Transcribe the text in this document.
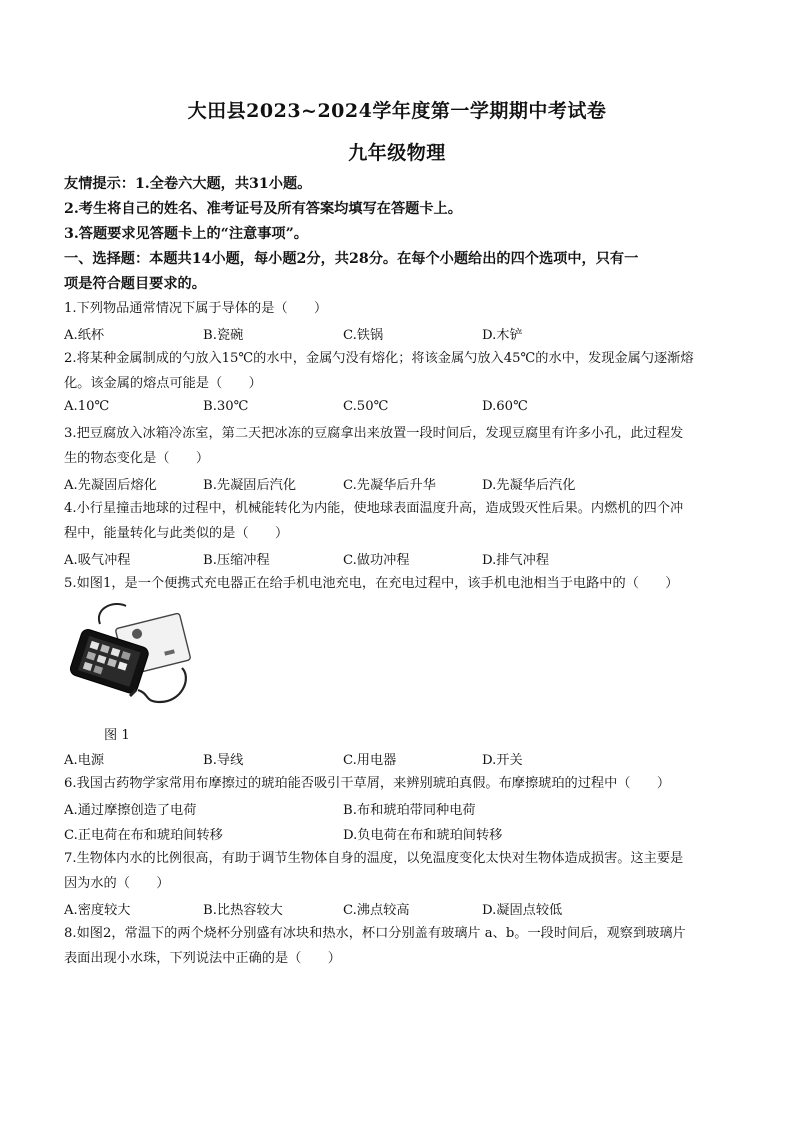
大田县2023~2024学年度第一学期期中考试卷
九年级物理
友情提示：1.全卷六大题，共31小题。
2.考生将自己的姓名、准考证号及所有答案均填写在答题卡上。
3.答题要求见答题卡上的“注意事项”。
一、选择题：本题共14小题，每小题2分，共28分。在每个小题给出的四个选项中，只有一
项是符合题目要求的。
1.下列物品通常情况下属于导体的是（　　）
A.纸杯	B.瓷碗	C.铁锅	D.木铲
2.将某种金属制成的勺放入15℃的水中，金属勺没有熔化；将该金属勺放入45℃的水中，发现金属勺逐渐熔
化。该金属的熔点可能是（　　）
A.10℃	B.30℃	C.50℃	D.60℃
3.把豆腐放入冰箱冷冻室，第二天把冰冻的豆腐拿出来放置一段时间后，发现豆腐里有许多小孔，此过程发
生的物态变化是（　　）
A.先凝固后熔化	B.先凝固后汽化	C.先凝华后升华	D.先凝华后汽化
4.小行星撞击地球的过程中，机械能转化为内能，使地球表面温度升高，造成毁灭性后果。内燃机的四个冲
程中，能量转化与此类似的是（　　）
A.吸气冲程	B.压缩冲程	C.做功冲程	D.排气冲程
5.如图1，是一个便携式充电器正在给手机电池充电，在充电过程中，该手机电池相当于电路中的（　　）
图 1
A.电源	B.导线	C.用电器	D.开关
6.我国古药物学家常用布摩擦过的琥珀能否吸引干草屑，来辨别琥珀真假。布摩擦琥珀的过程中（　　）
A.通过摩擦创造了电荷	B.布和琥珀带同种电荷
C.正电荷在布和琥珀间转移	D.负电荷在布和琥珀间转移
7.生物体内水的比例很高，有助于调节生物体自身的温度，以免温度变化太快对生物体造成损害。这主要是
因为水的（　　）
A.密度较大	B.比热容较大	C.沸点较高	D.凝固点较低
8.如图2，常温下的两个烧杯分别盛有冰块和热水，杯口分别盖有玻璃片 a、b。一段时间后，观察到玻璃片
表面出现小水珠，下列说法中正确的是（　　）
